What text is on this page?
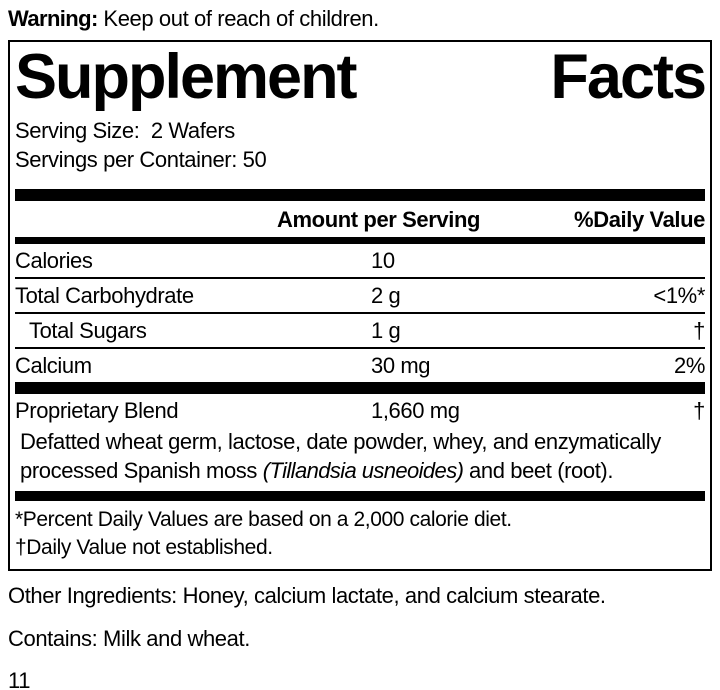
Warning: Keep out of reach of children.
Supplement	Facts
Serving Size:  2 Wafers
Servings per Container: 50
Amount per Serving	%Daily Value
Calories	10
Total Carbohydrate	2 g	<1%*
Total Sugars	1 g	†
Calcium	30 mg	2%
Proprietary Blend	1,660 mg	†
Defatted wheat germ, lactose, date powder, whey, and enzymatically processed Spanish moss (Tillandsia usneoides) and beet (root).
*Percent Daily Values are based on a 2,000 calorie diet.
†Daily Value not established.
Other Ingredients: Honey, calcium lactate, and calcium stearate.
Contains: Milk and wheat.
11
